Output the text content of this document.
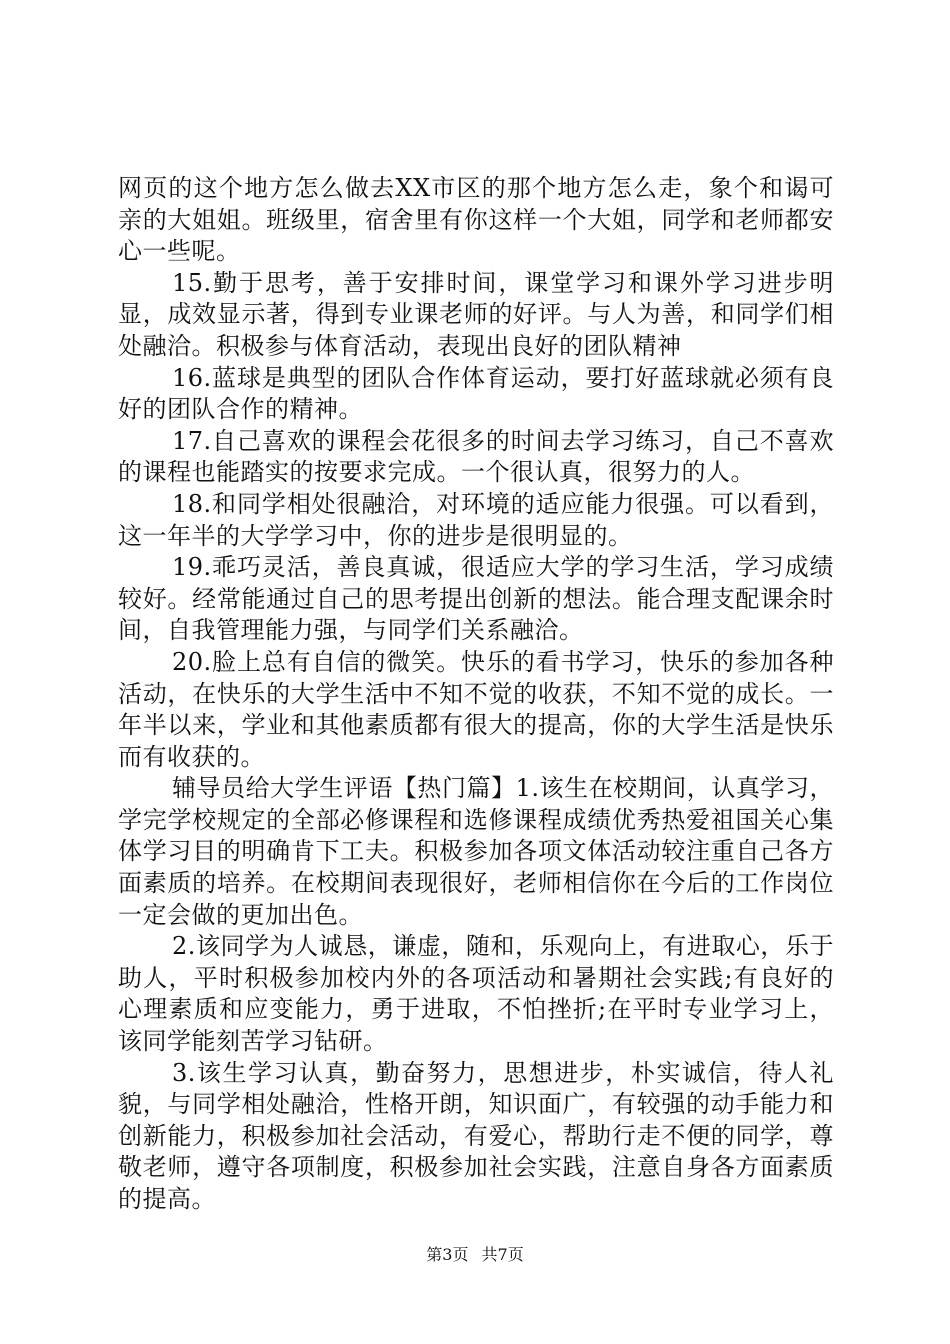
网页的这个地方怎么做去XX市区的那个地方怎么走，象个和谒可亲的大姐姐。班级里，宿舍里有你这样一个大姐，同学和老师都安心一些呢。

15.勤于思考，善于安排时间，课堂学习和课外学习进步明显，成效显示著，得到专业课老师的好评。与人为善，和同学们相处融洽。积极参与体育活动，表现出良好的团队精神

16.蓝球是典型的团队合作体育运动，要打好蓝球就必须有良好的团队合作的精神。

17.自己喜欢的课程会花很多的时间去学习练习，自己不喜欢的课程也能踏实的按要求完成。一个很认真，很努力的人。

18.和同学相处很融洽，对环境的适应能力很强。可以看到，这一年半的大学学习中，你的进步是很明显的。

19.乖巧灵活，善良真诚，很适应大学的学习生活，学习成绩较好。经常能通过自己的思考提出创新的想法。能合理支配课余时间，自我管理能力强，与同学们关系融洽。

20.脸上总有自信的微笑。快乐的看书学习，快乐的参加各种活动，在快乐的大学生活中不知不觉的收获，不知不觉的成长。一年半以来，学业和其他素质都有很大的提高，你的大学生活是快乐而有收获的。

辅导员给大学生评语【热门篇】1.该生在校期间，认真学习，学完学校规定的全部必修课程和选修课程成绩优秀热爱祖国关心集体学习目的明确肯下工夫。积极参加各项文体活动较注重自己各方面素质的培养。在校期间表现很好，老师相信你在今后的工作岗位一定会做的更加出色。

2.该同学为人诚恳，谦虚，随和，乐观向上，有进取心，乐于助人，平时积极参加校内外的各项活动和暑期社会实践;有良好的心理素质和应变能力，勇于进取，不怕挫折;在平时专业学习上，该同学能刻苦学习钻研。

3.该生学习认真，勤奋努力，思想进步，朴实诚信，待人礼貌，与同学相处融洽，性格开朗，知识面广，有较强的动手能力和创新能力，积极参加社会活动，有爱心，帮助行走不便的同学，尊敬老师，遵守各项制度，积极参加社会实践，注意自身各方面素质的提高。

第3页 共7页
